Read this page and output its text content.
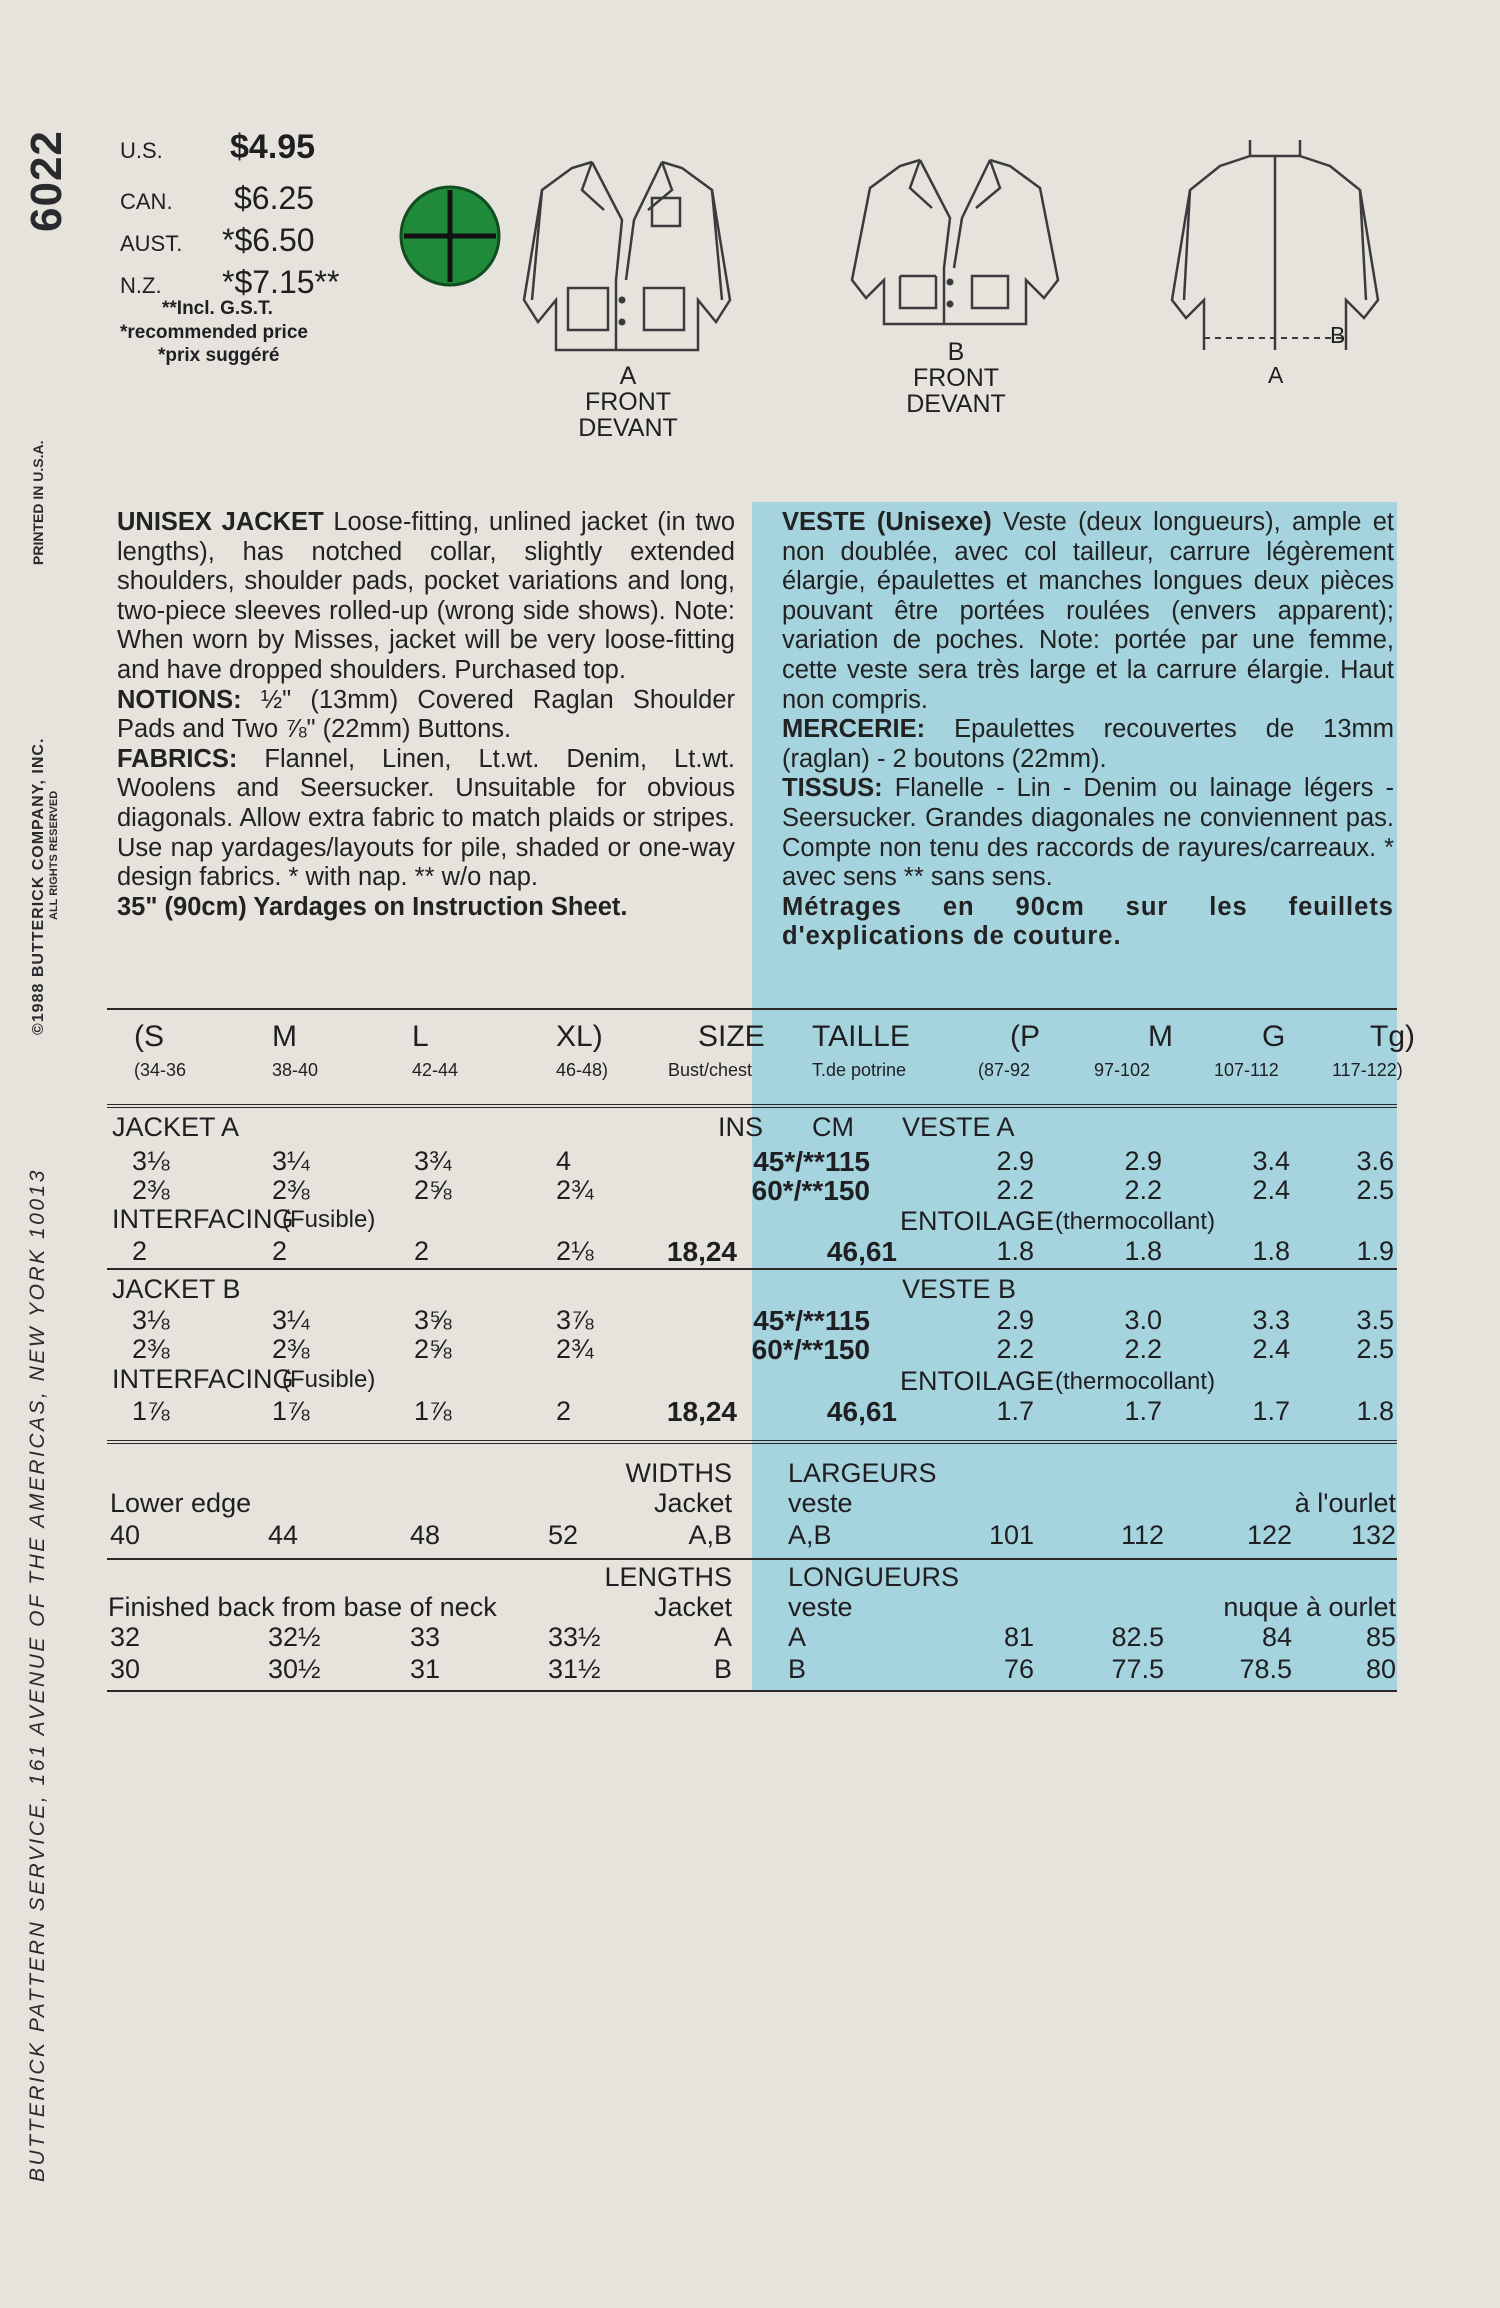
6022
PRINTED IN U.S.A.
©1988 BUTTERICK COMPANY, INC. ALL RIGHTS RESERVED
BUTTERICK PATTERN SERVICE, 161 AVENUE OF THE AMERICAS, NEW YORK 10013
U.S. $4.95
CAN. $6.25
AUST. *$6.50
N.Z. *$7.15**
**Incl. G.S.T.
*recommended price
*prix suggéré
A
FRONT
DEVANT
B
FRONT
DEVANT
B
A

UNISEX JACKET Loose-fitting, unlined jacket (in two lengths), has notched collar, slightly extended shoulders, shoulder pads, pocket variations and long, two-piece sleeves rolled-up (wrong side shows). Note: When worn by Misses, jacket will be very loose-fitting and have dropped shoulders. Purchased top.

NOTIONS: ½" (13mm) Covered Raglan Shoulder Pads and Two ⅞" (22mm) Buttons.

FABRICS: Flannel, Linen, Lt.wt. Denim, Lt.wt. Woolens and Seersucker. Unsuitable for obvious diagonals. Allow extra fabric to match plaids or stripes. Use nap yardages/layouts for pile, shaded or one-way design fabrics. * with nap. ** w/o nap.

35" (90cm) Yardages on Instruction Sheet.

VESTE (Unisexe) Veste (deux longueurs), ample et non doublée, avec col tailleur, carrure légèrement élargie, épaulettes et manches longues deux pièces pouvant être portées roulées (envers apparent); variation de poches. Note: portée par une femme, cette veste sera très large et la carrure élargie. Haut non compris.

MERCERIE: Epaulettes recouvertes de 13mm (raglan) - 2 boutons (22mm).

TISSUS: Flanelle - Lin - Denim ou lainage légers - Seersucker. Grandes diagonales ne conviennent pas. Compte non tenu des raccords de rayures/carreaux. * avec sens ** sans sens.

Métrages en 90cm sur les feuillets d'explications de couture.

(S	M	L	XL)
(34-36	38-40	42-44	46-48)
SIZE
Bust/chest
TAILLE
T.de potrine
(P	M	G	Tg)
(87-92	97-102	107-112	117-122)
JACKET A	INS CM VESTE A
3⅛	3¼	3¾	4	45*/**115	2.9	2.9	3.4	3.6
2⅜	2⅜	2⅝	2¾	60*/**150	2.2	2.2	2.4	2.5
INTERFACING
(Fusible)	ENTOILAGE (thermocollant)
2	2	2	2⅛	18,24	46,61	1.8	1.8	1.8	1.9
JACKET B	VESTE B
3⅛	3¼	3⅝	3⅞	45*/**115	2.9	3.0	3.3	3.5
2⅜	2⅜	2⅝	2¾	60*/**150	2.2	2.2	2.4	2.5
INTERFACING
(Fusible)	ENTOILAGE (thermocollant)
1⅞	1⅞	1⅞	2	18,24	46,61	1.7	1.7	1.7	1.8
WIDTHS LARGEURS
Lower edge	Jacket veste	à l'ourlet
40	44	48	52	A,B A,B	101	112	122	132
LENGTHS LONGUEURS
Finished back from base of neck	Jacket veste	nuque à ourlet
32	32½	33	33½	A A	81	82.5	84	85
30	30½	31	31½	B B	76	77.5	78.5	80
